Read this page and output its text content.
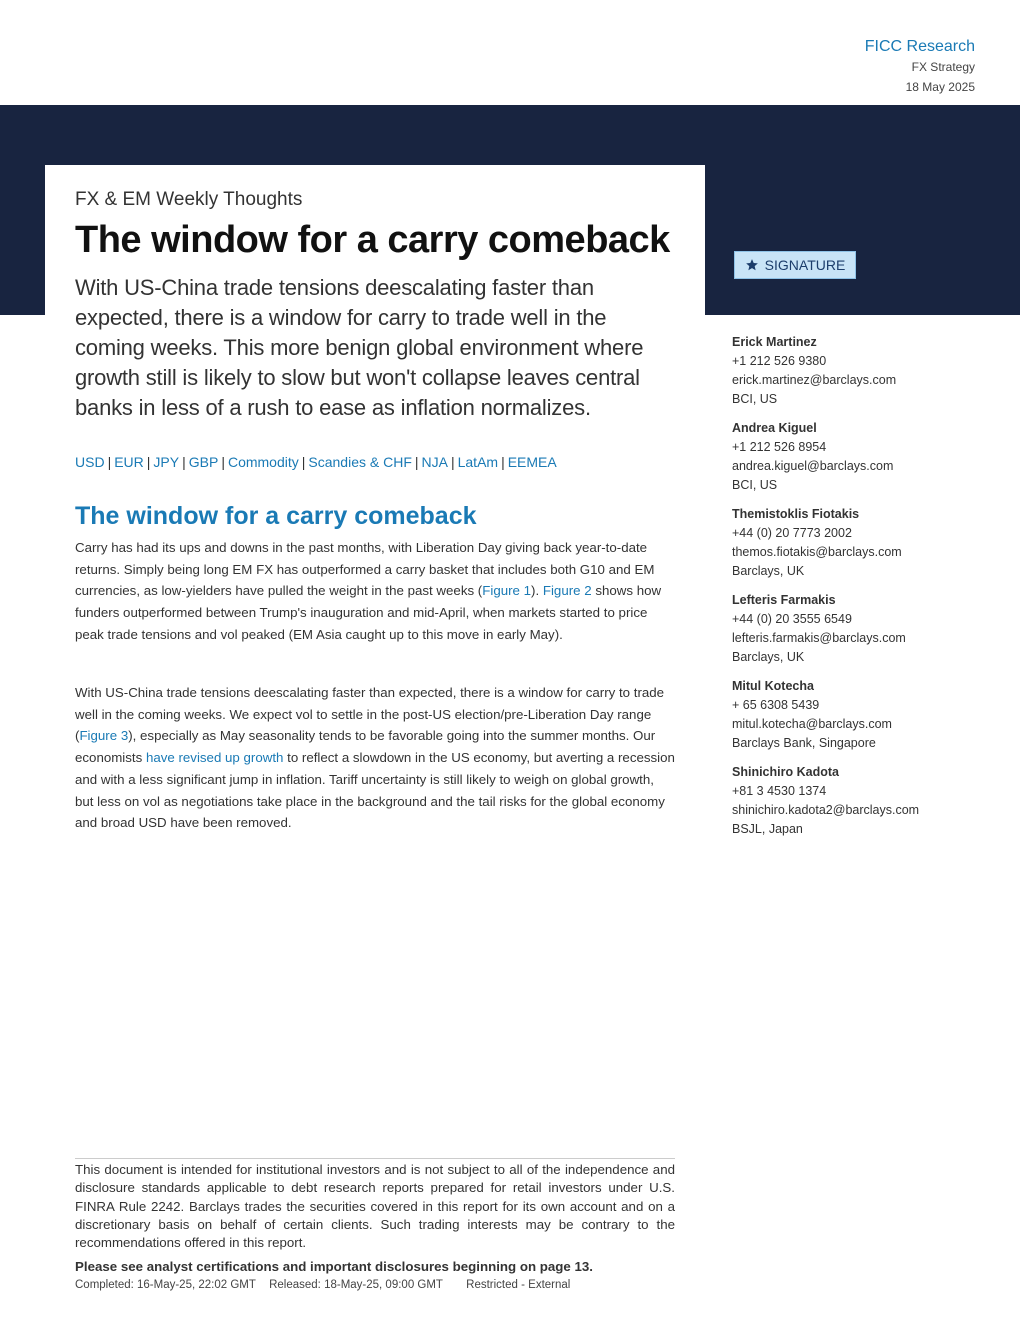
FICC Research
FX Strategy
18 May 2025
FX & EM Weekly Thoughts
The window for a carry comeback
With US-China trade tensions deescalating faster than expected, there is a window for carry to trade well in the coming weeks. This more benign global environment where growth still is likely to slow but won't collapse leaves central banks in less of a rush to ease as inflation normalizes.
USD | EUR | JPY | GBP | Commodity | Scandies & CHF | NJA | LatAm | EEMEA
The window for a carry comeback

Carry has had its ups and downs in the past months, with Liberation Day giving back year-to-date returns. Simply being long EM FX has outperformed a carry basket that includes both G10 and EM currencies, as low-yielders have pulled the weight in the past weeks (Figure 1). Figure 2 shows how funders outperformed between Trump's inauguration and mid-April, when markets started to price peak trade tensions and vol peaked (EM Asia caught up to this move in early May).

With US-China trade tensions deescalating faster than expected, there is a window for carry to trade well in the coming weeks. We expect vol to settle in the post-US election/pre-Liberation Day range (Figure 3), especially as May seasonality tends to be favorable going into the summer months. Our economists have revised up growth to reflect a slowdown in the US economy, but averting a recession and with a less significant jump in inflation. Tariff uncertainty is still likely to weigh on global growth, but less on vol as negotiations take place in the background and the tail risks for the global economy and broad USD have been removed.

SIGNATURE
Erick Martinez
+1 212 526 9380
erick.martinez@barclays.com
BCI, US
Andrea Kiguel
+1 212 526 8954
andrea.kiguel@barclays.com
BCI, US
Themistoklis Fiotakis
+44 (0) 20 7773 2002
themos.fiotakis@barclays.com
Barclays, UK
Lefteris Farmakis
+44 (0) 20 3555 6549
lefteris.farmakis@barclays.com
Barclays, UK
Mitul Kotecha
+ 65 6308 5439
mitul.kotecha@barclays.com
Barclays Bank, Singapore
Shinichiro Kadota
+81 3 4530 1374
shinichiro.kadota2@barclays.com
BSJL, Japan

This document is intended for institutional investors and is not subject to all of the independence and disclosure standards applicable to debt research reports prepared for retail investors under U.S. FINRA Rule 2242. Barclays trades the securities covered in this report for its own account and on a discretionary basis on behalf of certain clients. Such trading interests may be contrary to the recommendations offered in this report.

Please see analyst certifications and important disclosures beginning on page 13.
Completed: 16-May-25, 22:02 GMT Released: 18-May-25, 09:00 GMT Restricted - External
